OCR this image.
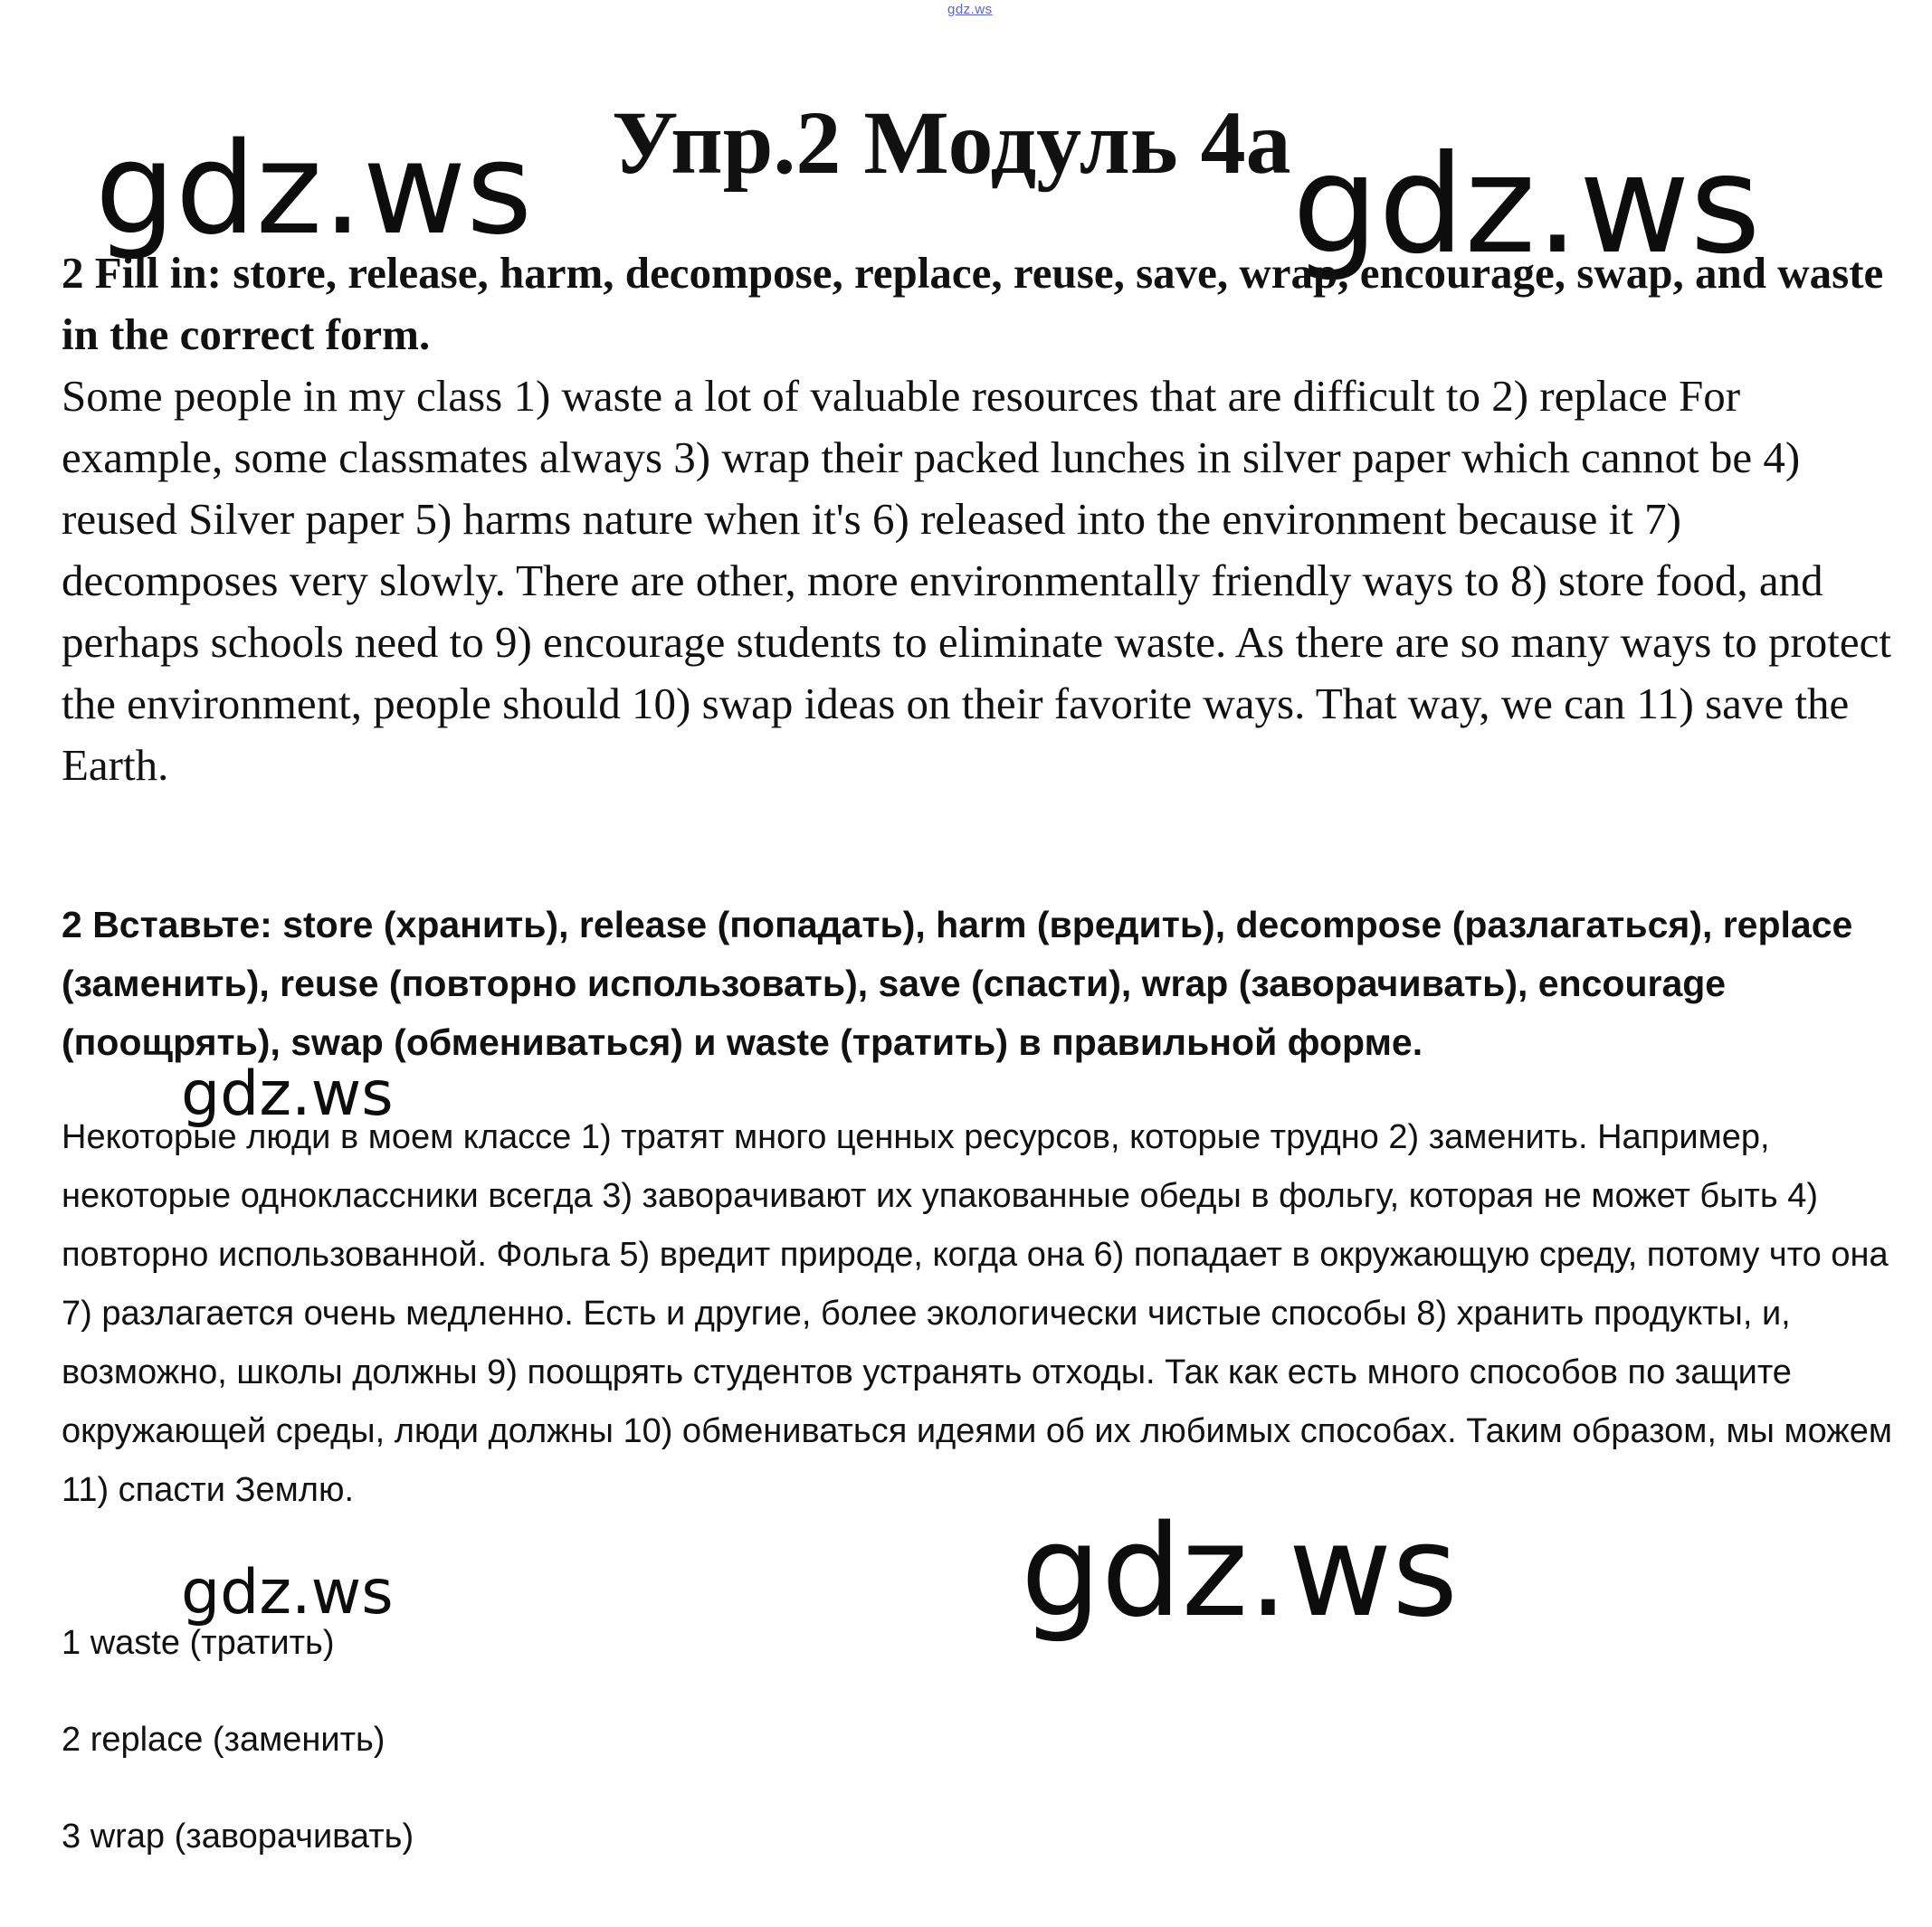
gdz.ws
Упр.2 Модуль 4а
gdz.ws	gdz.ws

2 Fill in: store, release, harm, decompose, replace, reuse, save, wrap, encourage, swap, and waste in the correct form.

Some people in my class 1) waste a lot of valuable resources that are difficult to 2) replace For example, some classmates always 3) wrap their packed lunches in silver paper which cannot be 4) reused Silver paper 5) harms nature when it's 6) released into the environment because it 7) decomposes very slowly. There are other, more environmentally friendly ways to 8) store food, and perhaps schools need to 9) encourage students to eliminate waste. As there are so many ways to protect the environment, people should 10) swap ideas on their favorite ways. That way, we can 11) save the Earth.

2 Вставьте: store (хранить), release (попадать), harm (вредить), decompose (разлагаться), replace (заменить), reuse (повторно использовать), save (спасти), wrap (заворачивать), encourage (поощрять), swap (обмениваться) и waste (тратить) в правильной форме.

Некоторые люди в моем классе 1) тратят много ценных ресурсов, которые трудно 2) заменить. Например, некоторые одноклассники всегда 3) заворачивают их упакованные обеды в фольгу, которая не может быть 4) повторно использованной. Фольга 5) вредит природе, когда она 6) попадает в окружающую среду, потому что она 7) разлагается очень медленно. Есть и другие, более экологически чистые способы 8) хранить продукты, и, возможно, школы должны 9) поощрять студентов устранять отходы. Так как есть много способов по защите окружающей среды, люди должны 10) обмениваться идеями об их любимых способах. Таким образом, мы можем 11) спасти Землю.

gdz.ws
gdz.ws
gdz.ws
1 waste (тратить)
2 replace (заменить)
3 wrap (заворачивать)
